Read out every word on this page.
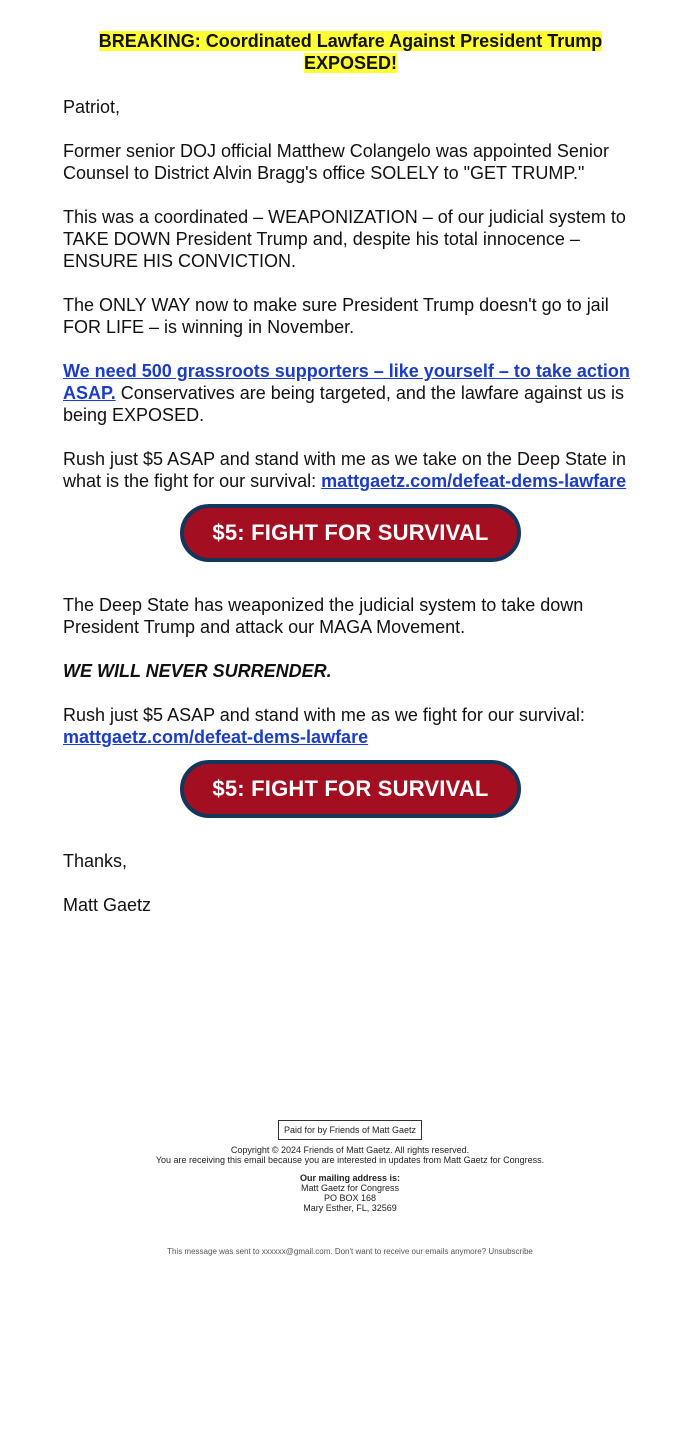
BREAKING: Coordinated Lawfare Against President Trump EXPOSED!

Patriot,

Former senior DOJ official Matthew Colangelo was appointed Senior Counsel to District Alvin Bragg's office SOLELY to "GET TRUMP."

This was a coordinated – WEAPONIZATION – of our judicial system to TAKE DOWN President Trump and, despite his total innocence – ENSURE HIS CONVICTION.

The ONLY WAY now to make sure President Trump doesn't go to jail FOR LIFE – is winning in November.

We need 500 grassroots supporters – like yourself – to take action ASAP. Conservatives are being targeted, and the lawfare against us is being EXPOSED.

Rush just $5 ASAP and stand with me as we take on the Deep State in what is the fight for our survival: mattgaetz.com/defeat-dems-lawfare

$5: FIGHT FOR SURVIVAL

The Deep State has weaponized the judicial system to take down President Trump and attack our MAGA Movement.

WE WILL NEVER SURRENDER.

Rush just $5 ASAP and stand with me as we fight for our survival: mattgaetz.com/defeat-dems-lawfare

$5: FIGHT FOR SURVIVAL

Thanks,

Matt Gaetz

Paid for by Friends of Matt Gaetz
Copyright © 2024 Friends of Matt Gaetz. All rights reserved.
You are receiving this email because you are interested in updates from Matt Gaetz for Congress.
Our mailing address is:
Matt Gaetz for Congress
PO BOX 168
Mary Esther, FL, 32569
This message was sent to xxxxxx@gmail.com. Don't want to receive our emails anymore? Unsubscribe
